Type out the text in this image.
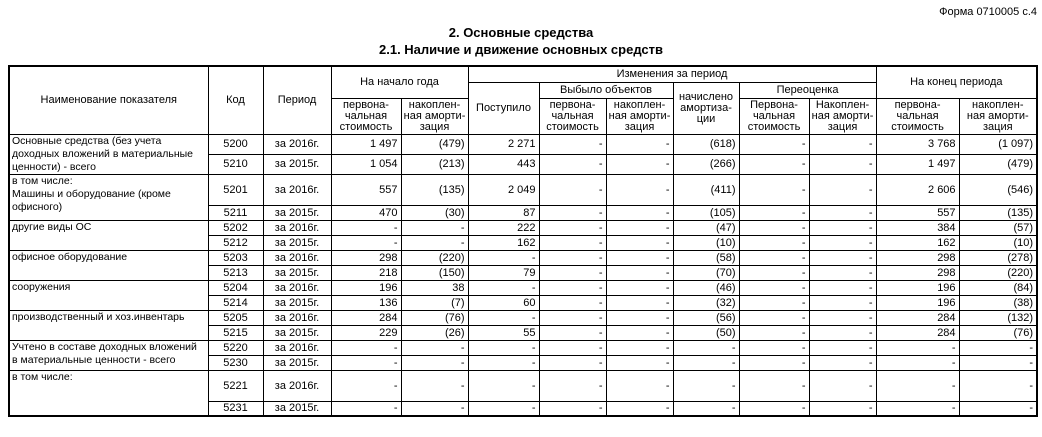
Форма 0710005 с.4
2. Основные средства
2.1. Наличие и движение основных средств
Наименование показателя	Код	Период	На начало года		Изменения за период						На конец периода	
					Поступило	Выбыло объектов		начислено амортиза- ции	Переоценка			
			первона- чальная стоимость	накоплен- ная аморти- зация		первона- чальная стоимость	накоплен- ная аморти- зация		Первона- чальная стоимость	Накоплен- ная аморти- зация	первона- чальная стоимость	накоплен- ная аморти- зация

Основные средства (без учета
доходных вложений в материальные
ценности) - всего	5200	за 2016г.	1 497	(479)	2 271	-	-	(618)	-	-	3 768	(1 097)
	5210	за 2015г.	1 054	(213)	443	-	-	(266)	-	-	1 497	(479)

в том числе:
Машины и оборудование (кроме
офисного)	5201	за 2016г.	557	(135)	2 049	-	-	(411)	-	-	2 606	(546)
	5211	за 2015г.	470	(30)	87	-	-	(105)	-	-	557	(135)

другие виды ОС	5202	за 2016г.	-	-	222	-	-	(47)	-	-	384	(57)
	5212	за 2015г.	-	-	162	-	-	(10)	-	-	162	(10)

офисное оборудование	5203	за 2016г.	298	(220)	-	-	-	(58)	-	-	298	(278)
	5213	за 2015г.	218	(150)	79	-	-	(70)	-	-	298	(220)

сооружения	5204	за 2016г.	196	38	-	-	-	(46)	-	-	196	(84)
	5214	за 2015г.	136	(7)	60	-	-	(32)	-	-	196	(38)

производственный и хоз.инвентарь	5205	за 2016г.	284	(76)	-	-	-	(56)	-	-	284	(132)
	5215	за 2015г.	229	(26)	55	-	-	(50)	-	-	284	(76)

Учтено в составе доходных вложений
в материальные ценности - всего	5220	за 2016г.	-	-	-	-	-	-	-	-	-	-
	5230	за 2015г.	-	-	-	-	-	-	-	-	-	-

в том числе:	5221	за 2016г.	-	-	-	-	-	-	-	-	-	-
	5231	за 2015г.	-	-	-	-	-	-	-	-	-	-
